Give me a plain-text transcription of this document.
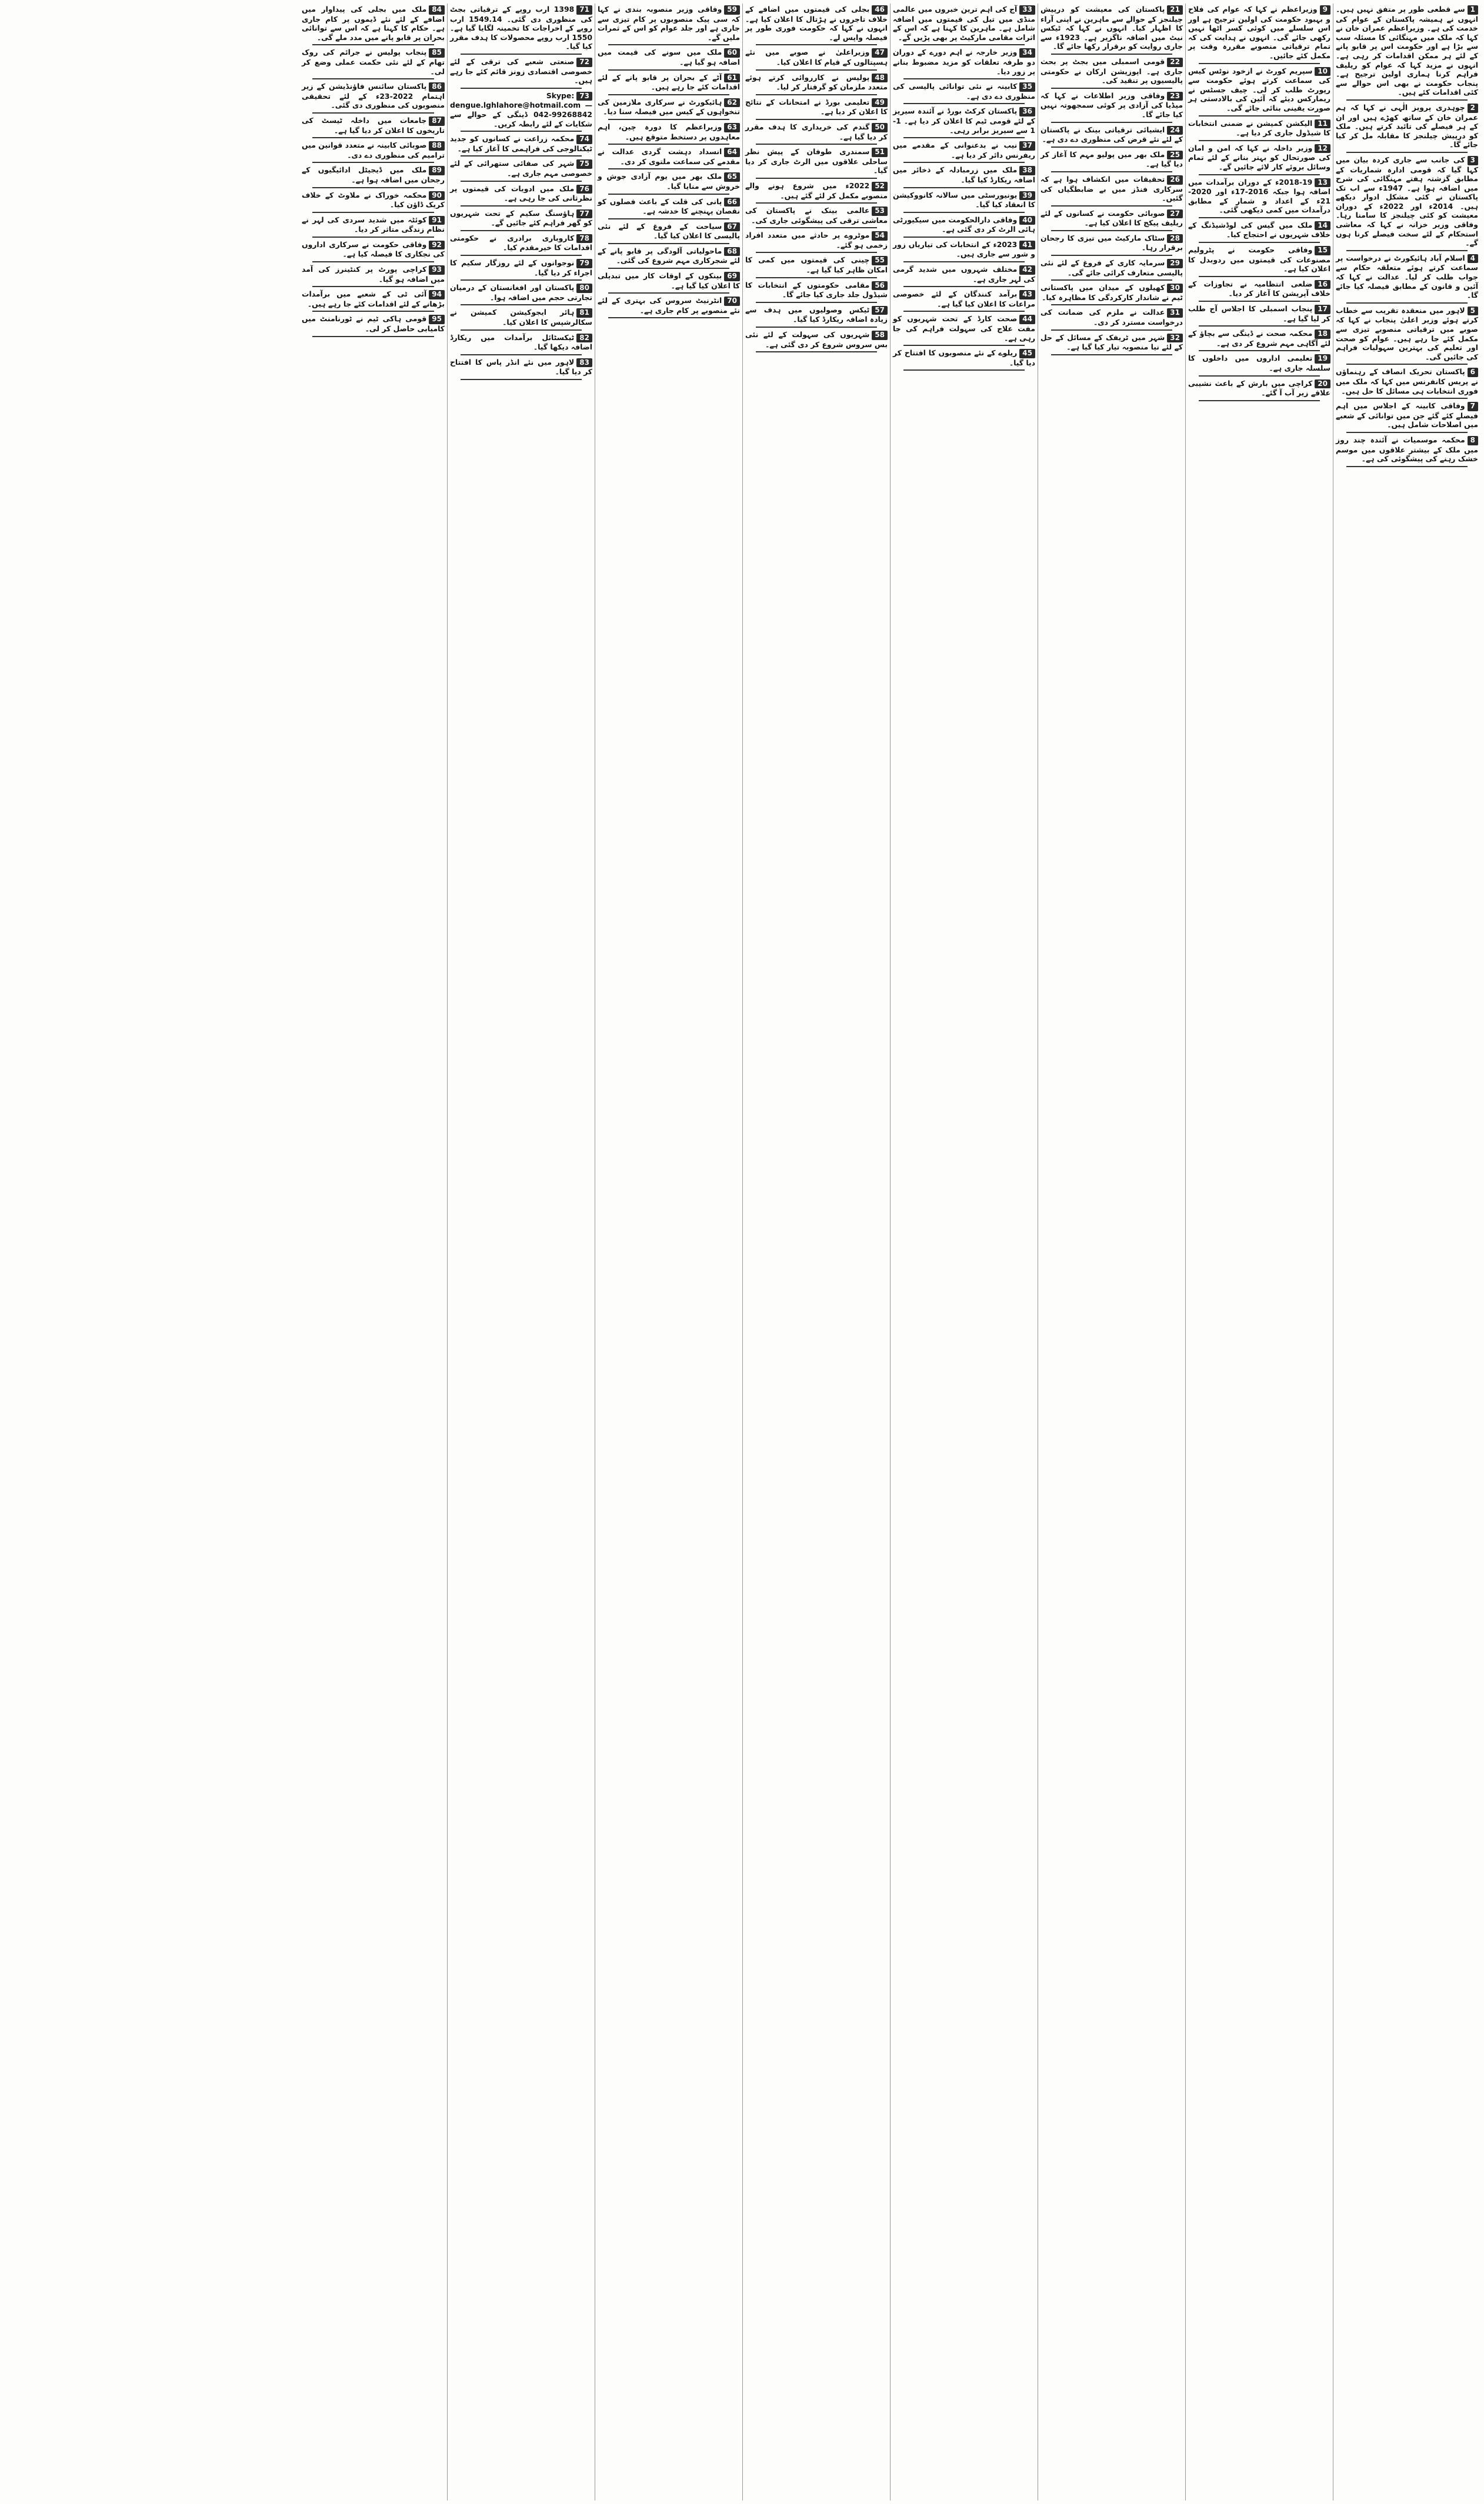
1سے قطعی طور پر متفق نہیں ہیں۔ انہوں نے ہمیشہ پاکستان کے عوام کی خدمت کی ہے۔ وزیراعظم عمران خان نے کہا کہ ملک میں مہنگائی کا مسئلہ سب سے بڑا ہے اور حکومت اس پر قابو پانے کے لئے ہر ممکن اقدامات کر رہی ہے۔ انہوں نے مزید کہا کہ عوام کو ریلیف فراہم کرنا ہماری اولین ترجیح ہے۔ پنجاب حکومت نے بھی اس حوالے سے کئی اقدامات کئے ہیں۔
2چوہدری پرویز الٰہی نے کہا کہ ہم عمران خان کے ساتھ کھڑے ہیں اور ان کے ہر فیصلے کی تائید کرتے ہیں۔ ملک کو درپیش چیلنجز کا مقابلہ مل کر کیا جائے گا۔
3کی جانب سے جاری کردہ بیان میں کہا گیا کہ قومی ادارہ شماریات کے مطابق گزشتہ ہفتے مہنگائی کی شرح میں اضافہ ہوا ہے۔ 1947ء سے اب تک پاکستان نے کئی مشکل ادوار دیکھے ہیں۔ 2014ء اور 2022ء کے دوران معیشت کو کئی چیلنجز کا سامنا رہا۔ وفاقی وزیر خزانہ نے کہا کہ معاشی استحکام کے لئے سخت فیصلے کرنا ہوں گے۔
4اسلام آباد ہائیکورٹ نے درخواست پر سماعت کرتے ہوئے متعلقہ حکام سے جواب طلب کر لیا۔ عدالت نے کہا کہ آئین و قانون کے مطابق فیصلہ کیا جائے گا۔
5لاہور میں منعقدہ تقریب سے خطاب کرتے ہوئے وزیر اعلیٰ پنجاب نے کہا کہ صوبے میں ترقیاتی منصوبے تیزی سے مکمل کئے جا رہے ہیں۔ عوام کو صحت اور تعلیم کی بہترین سہولیات فراہم کی جائیں گی۔
6پاکستان تحریک انصاف کے رہنماؤں نے پریس کانفرنس میں کہا کہ ملک میں فوری انتخابات ہی مسائل کا حل ہیں۔
7وفاقی کابینہ کے اجلاس میں اہم فیصلے کئے گئے جن میں توانائی کے شعبے میں اصلاحات شامل ہیں۔
8محکمہ موسمیات نے آئندہ چند روز میں ملک کے بیشتر علاقوں میں موسم خشک رہنے کی پیشگوئی کی ہے۔
9وزیراعظم نے کہا کہ عوام کی فلاح و بہبود حکومت کی اولین ترجیح ہے اور اس سلسلے میں کوئی کسر اٹھا نہیں رکھی جائے گی۔ انہوں نے ہدایت کی کہ تمام ترقیاتی منصوبے مقررہ وقت پر مکمل کئے جائیں۔
10سپریم کورٹ نے ازخود نوٹس کیس کی سماعت کرتے ہوئے حکومت سے رپورٹ طلب کر لی۔ چیف جسٹس نے ریمارکس دیئے کہ آئین کی بالادستی ہر صورت یقینی بنائی جائے گی۔
11الیکشن کمیشن نے ضمنی انتخابات کا شیڈول جاری کر دیا ہے۔
12وزیر داخلہ نے کہا کہ امن و امان کی صورتحال کو بہتر بنانے کے لئے تمام وسائل بروئے کار لائے جائیں گے۔
132018-19ء کے دوران برآمدات میں اضافہ ہوا جبکہ 2016-17ء اور 2020-21ء کے اعداد و شمار کے مطابق درآمدات میں کمی دیکھی گئی۔
14ملک میں گیس کی لوڈشیڈنگ کے خلاف شہریوں نے احتجاج کیا۔
15وفاقی حکومت نے پٹرولیم مصنوعات کی قیمتوں میں ردوبدل کا اعلان کیا ہے۔
16ضلعی انتظامیہ نے تجاوزات کے خلاف آپریشن کا آغاز کر دیا۔
17پنجاب اسمبلی کا اجلاس آج طلب کر لیا گیا ہے۔
18محکمہ صحت نے ڈینگی سے بچاؤ کے لئے آگاہی مہم شروع کر دی ہے۔
19تعلیمی اداروں میں داخلوں کا سلسلہ جاری ہے۔
20کراچی میں بارش کے باعث نشیبی علاقے زیر آب آ گئے۔
21پاکستان کی معیشت کو درپیش چیلنجز کے حوالے سے ماہرین نے اپنی آراء کا اظہار کیا۔ انہوں نے کہا کہ ٹیکس نیٹ میں اضافہ ناگزیر ہے۔ 1923ء سے جاری روایت کو برقرار رکھا جائے گا۔
22قومی اسمبلی میں بجٹ پر بحث جاری ہے۔ اپوزیشن ارکان نے حکومتی پالیسیوں پر تنقید کی۔
23وفاقی وزیر اطلاعات نے کہا کہ میڈیا کی آزادی پر کوئی سمجھوتہ نہیں کیا جائے گا۔
24ایشیائی ترقیاتی بینک نے پاکستان کے لئے نئے قرض کی منظوری دے دی ہے۔
25ملک بھر میں پولیو مہم کا آغاز کر دیا گیا ہے۔
26تحقیقات میں انکشاف ہوا ہے کہ سرکاری فنڈز میں بے ضابطگیاں کی گئیں۔
27صوبائی حکومت نے کسانوں کے لئے ریلیف پیکج کا اعلان کیا ہے۔
28سٹاک مارکیٹ میں تیزی کا رجحان برقرار رہا۔
29سرمایہ کاری کے فروغ کے لئے نئی پالیسی متعارف کرائی جائے گی۔
30کھیلوں کے میدان میں پاکستانی ٹیم نے شاندار کارکردگی کا مظاہرہ کیا۔
31عدالت نے ملزم کی ضمانت کی درخواست مسترد کر دی۔
32شہر میں ٹریفک کے مسائل کے حل کے لئے نیا منصوبہ تیار کیا گیا ہے۔
33آج کی اہم ترین خبروں میں عالمی منڈی میں تیل کی قیمتوں میں اضافہ شامل ہے۔ ماہرین کا کہنا ہے کہ اس کے اثرات مقامی مارکیٹ پر بھی پڑیں گے۔
34وزیر خارجہ نے اہم دورے کے دوران دو طرفہ تعلقات کو مزید مضبوط بنانے پر زور دیا۔
35کابینہ نے نئی توانائی پالیسی کی منظوری دے دی ہے۔
36پاکستان کرکٹ بورڈ نے آئندہ سیریز کے لئے قومی ٹیم کا اعلان کر دیا ہے۔ 1-1 سے سیریز برابر رہی۔
37نیب نے بدعنوانی کے مقدمے میں ریفرنس دائر کر دیا ہے۔
38ملک میں زرمبادلہ کے ذخائر میں اضافہ ریکارڈ کیا گیا۔
39یونیورسٹی میں سالانہ کانووکیشن کا انعقاد کیا گیا۔
40وفاقی دارالحکومت میں سیکیورٹی ہائی الرٹ کر دی گئی ہے۔
412023ء کے انتخابات کی تیاریاں زور و شور سے جاری ہیں۔
42مختلف شہروں میں شدید گرمی کی لہر جاری ہے۔
43برآمد کنندگان کے لئے خصوصی مراعات کا اعلان کیا گیا ہے۔
44صحت کارڈ کے تحت شہریوں کو مفت علاج کی سہولت فراہم کی جا رہی ہے۔
45ریلوے کے نئے منصوبوں کا افتتاح کر دیا گیا۔
46بجلی کی قیمتوں میں اضافے کے خلاف تاجروں نے ہڑتال کا اعلان کیا ہے۔ انہوں نے کہا کہ حکومت فوری طور پر فیصلہ واپس لے۔
47وزیراعلیٰ نے صوبے میں نئے ہسپتالوں کے قیام کا اعلان کیا۔
48پولیس نے کارروائی کرتے ہوئے متعدد ملزمان کو گرفتار کر لیا۔
49تعلیمی بورڈ نے امتحانات کے نتائج کا اعلان کر دیا ہے۔
50گندم کی خریداری کا ہدف مقرر کر دیا گیا ہے۔
51سمندری طوفان کے پیش نظر ساحلی علاقوں میں الرٹ جاری کر دیا گیا۔
522022ء میں شروع ہونے والے منصوبے مکمل کر لئے گئے ہیں۔
53عالمی بینک نے پاکستان کی معاشی ترقی کی پیشگوئی جاری کی۔
54موٹروے پر حادثے میں متعدد افراد زخمی ہو گئے۔
55چینی کی قیمتوں میں کمی کا امکان ظاہر کیا گیا ہے۔
56مقامی حکومتوں کے انتخابات کا شیڈول جلد جاری کیا جائے گا۔
57ٹیکس وصولیوں میں ہدف سے زیادہ اضافہ ریکارڈ کیا گیا۔
58شہریوں کی سہولت کے لئے نئی بس سروس شروع کر دی گئی ہے۔
59وفاقی وزیر منصوبہ بندی نے کہا کہ سی پیک منصوبوں پر کام تیزی سے جاری ہے اور جلد عوام کو اس کے ثمرات ملیں گے۔
60ملک میں سونے کی قیمت میں اضافہ ہو گیا ہے۔
61آٹے کے بحران پر قابو پانے کے لئے اقدامات کئے جا رہے ہیں۔
62ہائیکورٹ نے سرکاری ملازمین کی تنخواہوں کے کیس میں فیصلہ سنا دیا۔
63وزیراعظم کا دورہ چین، اہم معاہدوں پر دستخط متوقع ہیں۔
64انسداد دہشت گردی عدالت نے مقدمے کی سماعت ملتوی کر دی۔
65ملک بھر میں یوم آزادی جوش و خروش سے منایا گیا۔
66پانی کی قلت کے باعث فصلوں کو نقصان پہنچنے کا خدشہ ہے۔
67سیاحت کے فروغ کے لئے نئی پالیسی کا اعلان کیا گیا۔
68ماحولیاتی آلودگی پر قابو پانے کے لئے شجرکاری مہم شروع کی گئی۔
69بینکوں کے اوقات کار میں تبدیلی کا اعلان کیا گیا ہے۔
70انٹرنیٹ سروس کی بہتری کے لئے نئے منصوبے پر کام جاری ہے۔
711398 ارب روپے کے ترقیاتی بجٹ کی منظوری دی گئی۔ 1549.14 ارب روپے کے اخراجات کا تخمینہ لگایا گیا ہے۔ 1550 ارب روپے محصولات کا ہدف مقرر کیا گیا۔
72صنعتی شعبے کی ترقی کے لئے خصوصی اقتصادی زونز قائم کئے جا رہے ہیں۔
73Skype: dengue.lghlahore@hotmail.com — 042-99268842 ڈینگی کے حوالے سے شکایات کے لئے رابطہ کریں۔
74محکمہ زراعت نے کسانوں کو جدید ٹیکنالوجی کی فراہمی کا آغاز کیا ہے۔
75شہر کی صفائی ستھرائی کے لئے خصوصی مہم جاری ہے۔
76ملک میں ادویات کی قیمتوں پر نظرثانی کی جا رہی ہے۔
77ہاؤسنگ سکیم کے تحت شہریوں کو گھر فراہم کئے جائیں گے۔
78کاروباری برادری نے حکومتی اقدامات کا خیرمقدم کیا۔
79نوجوانوں کے لئے روزگار سکیم کا اجراء کر دیا گیا۔
80پاکستان اور افغانستان کے درمیان تجارتی حجم میں اضافہ ہوا۔
81ہائر ایجوکیشن کمیشن نے سکالرشپس کا اعلان کیا۔
82ٹیکسٹائل برآمدات میں ریکارڈ اضافہ دیکھا گیا۔
83لاہور میں نئے انڈر پاس کا افتتاح کر دیا گیا۔
84ملک میں بجلی کی پیداوار میں اضافے کے لئے نئے ڈیموں پر کام جاری ہے۔ حکام کا کہنا ہے کہ اس سے توانائی بحران پر قابو پانے میں مدد ملے گی۔
85پنجاب پولیس نے جرائم کی روک تھام کے لئے نئی حکمت عملی وضع کر لی۔
86پاکستان سائنس فاؤنڈیشن کے زیر اہتمام 2022-23ء کے لئے تحقیقی منصوبوں کی منظوری دی گئی۔
87جامعات میں داخلہ ٹیسٹ کی تاریخوں کا اعلان کر دیا گیا ہے۔
88صوبائی کابینہ نے متعدد قوانین میں ترامیم کی منظوری دے دی۔
89ملک میں ڈیجیٹل ادائیگیوں کے رجحان میں اضافہ ہوا ہے۔
90محکمہ خوراک نے ملاوٹ کے خلاف کریک ڈاؤن کیا۔
91کوئٹہ میں شدید سردی کی لہر نے نظام زندگی متاثر کر دیا۔
92وفاقی حکومت نے سرکاری اداروں کی نجکاری کا فیصلہ کیا ہے۔
93کراچی پورٹ پر کنٹینرز کی آمد میں اضافہ ہو گیا۔
94آئی ٹی کے شعبے میں برآمدات بڑھانے کے لئے اقدامات کئے جا رہے ہیں۔
95قومی ہاکی ٹیم نے ٹورنامنٹ میں کامیابی حاصل کر لی۔
